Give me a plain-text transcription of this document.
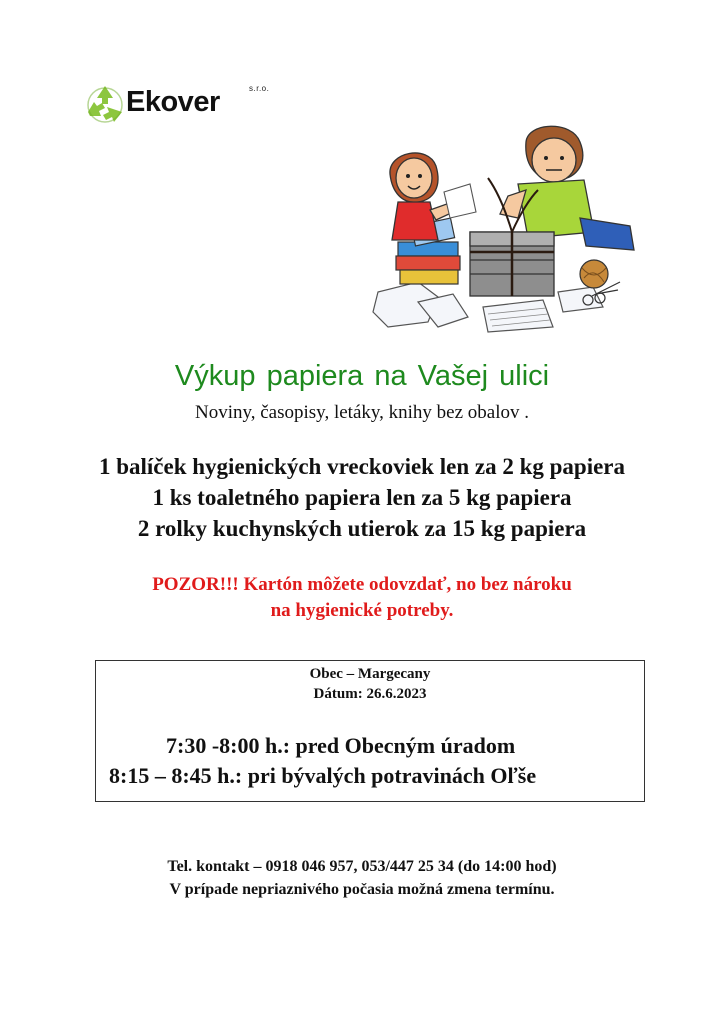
Ekover	s.r.o.
Výkup papiera na Vašej ulici
Noviny, časopisy, letáky, knihy bez obalov .
1 balíček hygienických vreckoviek len za 2 kg papiera
1 ks toaletného papiera len za 5 kg papiera
2 rolky kuchynských utierok za 15 kg papiera
POZOR!!! Kartón môžete odovzdať, no bez nároku
na hygienické potreby.
Obec – Margecany
Dátum: 26.6.2023
7:30 -8:00 h.: pred Obecným úradom
8:15 – 8:45 h.: pri bývalých potravinách Oľše
Tel. kontakt – 0918 046 957, 053/447 25 34 (do 14:00 hod)
V prípade nepriaznivého počasia možná zmena termínu.
